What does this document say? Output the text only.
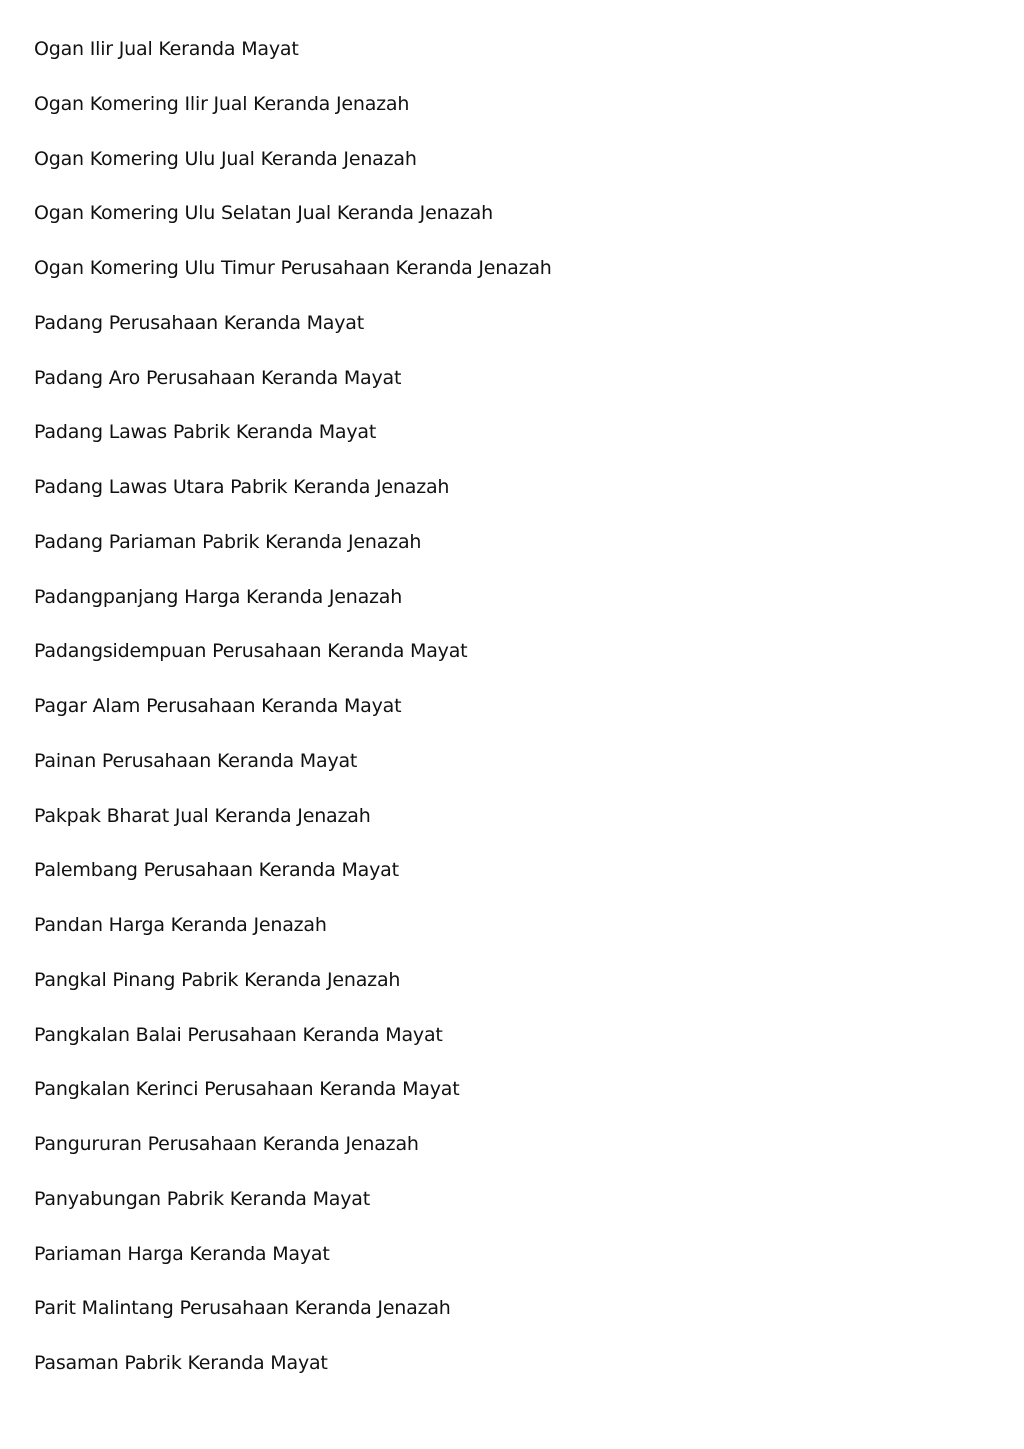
Ogan Ilir Jual Keranda Mayat
Ogan Komering Ilir Jual Keranda Jenazah
Ogan Komering Ulu Jual Keranda Jenazah
Ogan Komering Ulu Selatan Jual Keranda Jenazah
Ogan Komering Ulu Timur Perusahaan Keranda Jenazah
Padang Perusahaan Keranda Mayat
Padang Aro Perusahaan Keranda Mayat
Padang Lawas Pabrik Keranda Mayat
Padang Lawas Utara Pabrik Keranda Jenazah
Padang Pariaman Pabrik Keranda Jenazah
Padangpanjang Harga Keranda Jenazah
Padangsidempuan Perusahaan Keranda Mayat
Pagar Alam Perusahaan Keranda Mayat
Painan Perusahaan Keranda Mayat
Pakpak Bharat Jual Keranda Jenazah
Palembang Perusahaan Keranda Mayat
Pandan Harga Keranda Jenazah
Pangkal Pinang Pabrik Keranda Jenazah
Pangkalan Balai Perusahaan Keranda Mayat
Pangkalan Kerinci Perusahaan Keranda Mayat
Pangururan Perusahaan Keranda Jenazah
Panyabungan Pabrik Keranda Mayat
Pariaman Harga Keranda Mayat
Parit Malintang Perusahaan Keranda Jenazah
Pasaman Pabrik Keranda Mayat
